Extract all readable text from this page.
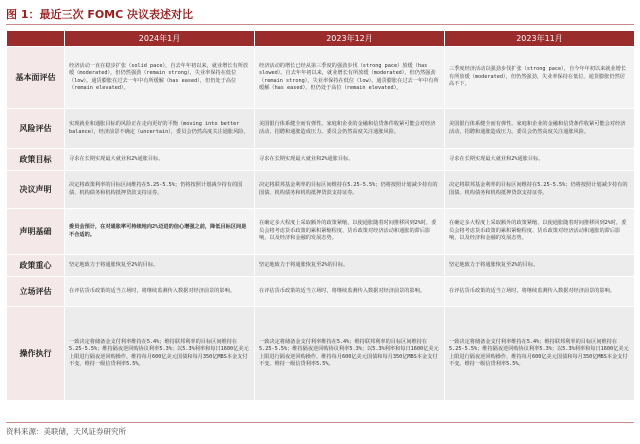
图 1：最近三次 FOMC 决议表述对比
	2024年1月	2023年12月	2023年11月
基本面评估	经济活动一直在稳步扩张（solid pace），自去年年初以来，就业增长有所放缓（moderated），但仍然强劲（remain strong），失业率保持在低位（low）。通货膨胀在过去一年中有所缓解（has eased），但仍处于高位（remain elevated）。	经济活动的增长已经从第三季度的强劲步伐（strong pace）放缓（has slowed）。自去年年初以来，就业增长有所放缓（moderated），但仍然强劲（remain strong），失业率保持在低位（low）。通货膨胀在过去一年中有所缓解（has eased），但仍处于高位（remain elevated）。	三季度经济活动以强劲步伐扩张（strong pace），自今年年初以来就业增长有所放缓（moderated），但仍然强劲，失业率保持在低位。通货膨胀仍然居高不下。
风险评估	实现就业和通胀目标的风险正在走向更好的平衡（moving into better balance），经济前景不确定（uncertain），委员会仍然高度关注通胀风险。	美国银行体系健全而有弹性。家庭和企业的金融和信贷条件收紧可能会对经济活动、招聘和通胀造成压力。委员会仍然高度关注通胀风险。	美国银行体系健全而有弹性。家庭和企业的金融和信贷条件收紧可能会对经济活动、招聘和通胀造成压力。委员会仍然高度关注通胀风险。
政策目标	寻求在长期实现最大就业和2%通胀目标。	寻求在长期实现最大就业和2%通胀目标。	寻求在长期实现最大就业和2%通胀目标。
决议声明	决定将政策利率的目标区间维持在5.25-5.5%；仍将按照计划减少持有的国债、机构债务和机构抵押贷款支持证券。	决定将联邦基金利率的目标区间维持在5.25-5.5%；仍将按照计划减少持有的国债、机构债务和机构抵押贷款支持证券。	决定将联邦基金利率的目标区间维持在5.25-5.5%；仍将按照计划减少持有的国债、机构债务和机构抵押贷款支持证券。
声明基础	委员会预计，在对通胀率可持续地向2%迈进的信心增强之前，降低目标区间是不合适的。	在确定多大程度上采取额外的政策紧缩，以使通胀随着时间推移回到2%时，委员会将考虑货币政策的累积紧缩程度、货币政策对经济活动和通胀的滞后影响，以及经济和金融的发展态势。	在确定多大程度上采取额外的政策紧缩，以使通胀随着时间推移回到2%时，委员会将考虑货币政策的累积紧缩程度、货币政策对经济活动和通胀的滞后影响，以及经济和金融的发展态势。
政策重心	坚定地致力于将通胀恢复至2%的目标。	坚定地致力于将通胀恢复至2%的目标。	坚定地致力于将通胀恢复至2%的目标。
立场评估	在评估货币政策的适当立场时，将继续监测传入数据对经济前景的影响。	在评估货币政策的适当立场时，将继续监测传入数据对经济前景的影响。	在评估货币政策的适当立场时，将继续监测传入数据对经济前景的影响。
操作执行	一致决定将储备金支付利率维持在5.4%；维持联邦利率的目标区间维持在5.25-5.5%；维持隔夜逆回购协议利率5.3%；以5.3%利率和每日1600亿美元上限进行隔夜逆回购操作，维持每月600亿美元国债和每月350亿MBS本金支付不变。维持一级信贷利率5.5%。	一致决定将储备金支付利率维持在5.4%；维持联邦利率的目标区间维持在5.25-5.5%；维持隔夜逆回购协议利率5.3%；以5.3%利率和每日1600亿美元上限进行隔夜逆回购操作，维持每月600亿美元国债和每月350亿MBS本金支付不变。维持一级信贷利率5.5%。	一致决定将储备金支付利率维持在5.4%；维持联邦利率的目标区间维持在5.25-5.5%；维持隔夜逆回购协议利率5.3%；以5.3%利率和每日1600亿美元上限进行隔夜逆回购操作，维持每月600亿美元国债和每月350亿MBS本金支付不变。维持一级信贷利率5.5%。
资料来源：美联储，天风证券研究所
